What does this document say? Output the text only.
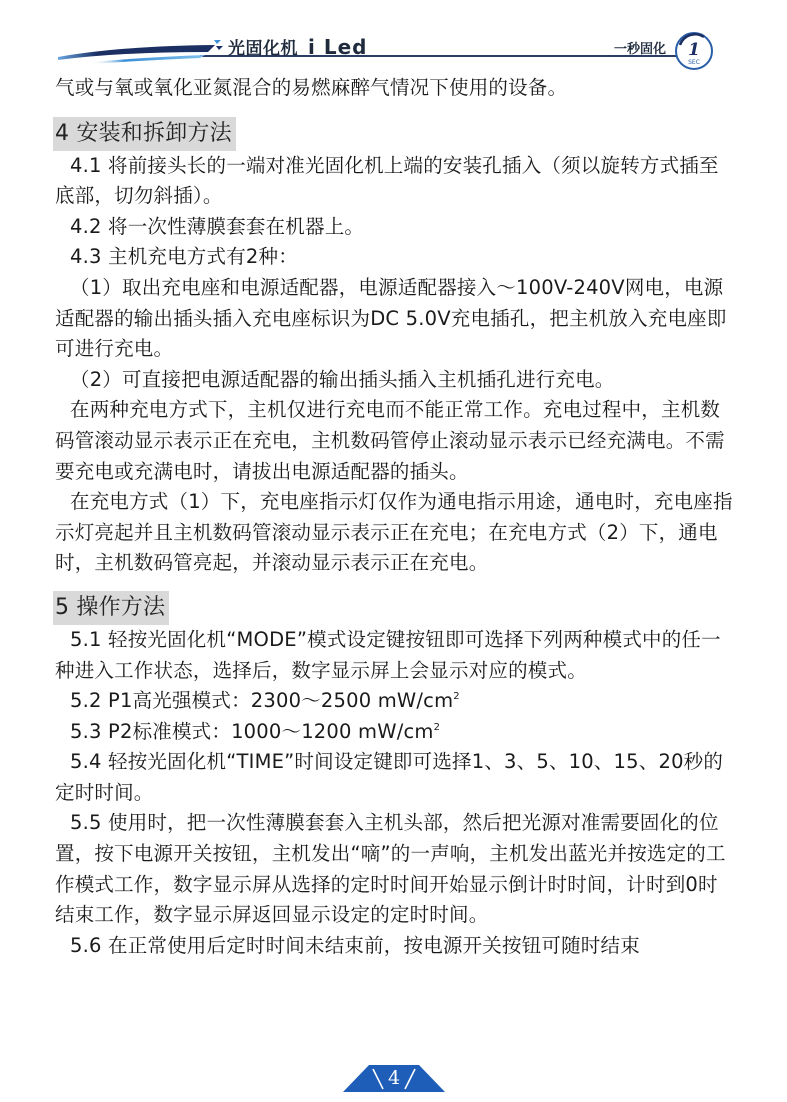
光固化机 i Led	一秒固化 1
SEC

气或与氧或氧化亚氮混合的易燃麻醉气情况下使用的设备。

4 安装和拆卸方法

4.1 将前接头长的一端对准光固化机上端的安装孔插入（须以旋转方式插至底部，切勿斜插）。

4.2 将一次性薄膜套套在机器上。

4.3 主机充电方式有2种：

（1）取出充电座和电源适配器，电源适配器接入～100V-240V网电，电源适配器的输出插头插入充电座标识为DC 5.0V充电插孔，把主机放入充电座即可进行充电。

（2）可直接把电源适配器的输出插头插入主机插孔进行充电。

在两种充电方式下，主机仅进行充电而不能正常工作。充电过程中，主机数码管滚动显示表示正在充电，主机数码管停止滚动显示表示已经充满电。不需要充电或充满电时，请拔出电源适配器的插头。

在充电方式（1）下，充电座指示灯仅作为通电指示用途，通电时，充电座指示灯亮起并且主机数码管滚动显示表示正在充电；在充电方式（2）下，通电时，主机数码管亮起，并滚动显示表示正在充电。

5 操作方法

5.1 轻按光固化机“MODE”模式设定键按钮即可选择下列两种模式中的任一种进入工作状态，选择后，数字显示屏上会显示对应的模式。

5.2 P1高光强模式：2300～2500 $mW/cm^2$

5.3 P2标准模式：1000～1200 $mW/cm^2$

5.4 轻按光固化机“TIME”时间设定键即可选择1、3、5、10、15、20秒的定时时间。

5.5 使用时，把一次性薄膜套套入主机头部，然后把光源对准需要固化的位置，按下电源开关按钮，主机发出“嘀”的一声响，主机发出蓝光并按选定的工作模式工作，数字显示屏从选择的定时时间开始显示倒计时时间，计时到0时结束工作，数字显示屏返回显示设定的定时时间。

5.6 在正常使用后定时时间未结束前，按电源开关按钮可随时结束

4
